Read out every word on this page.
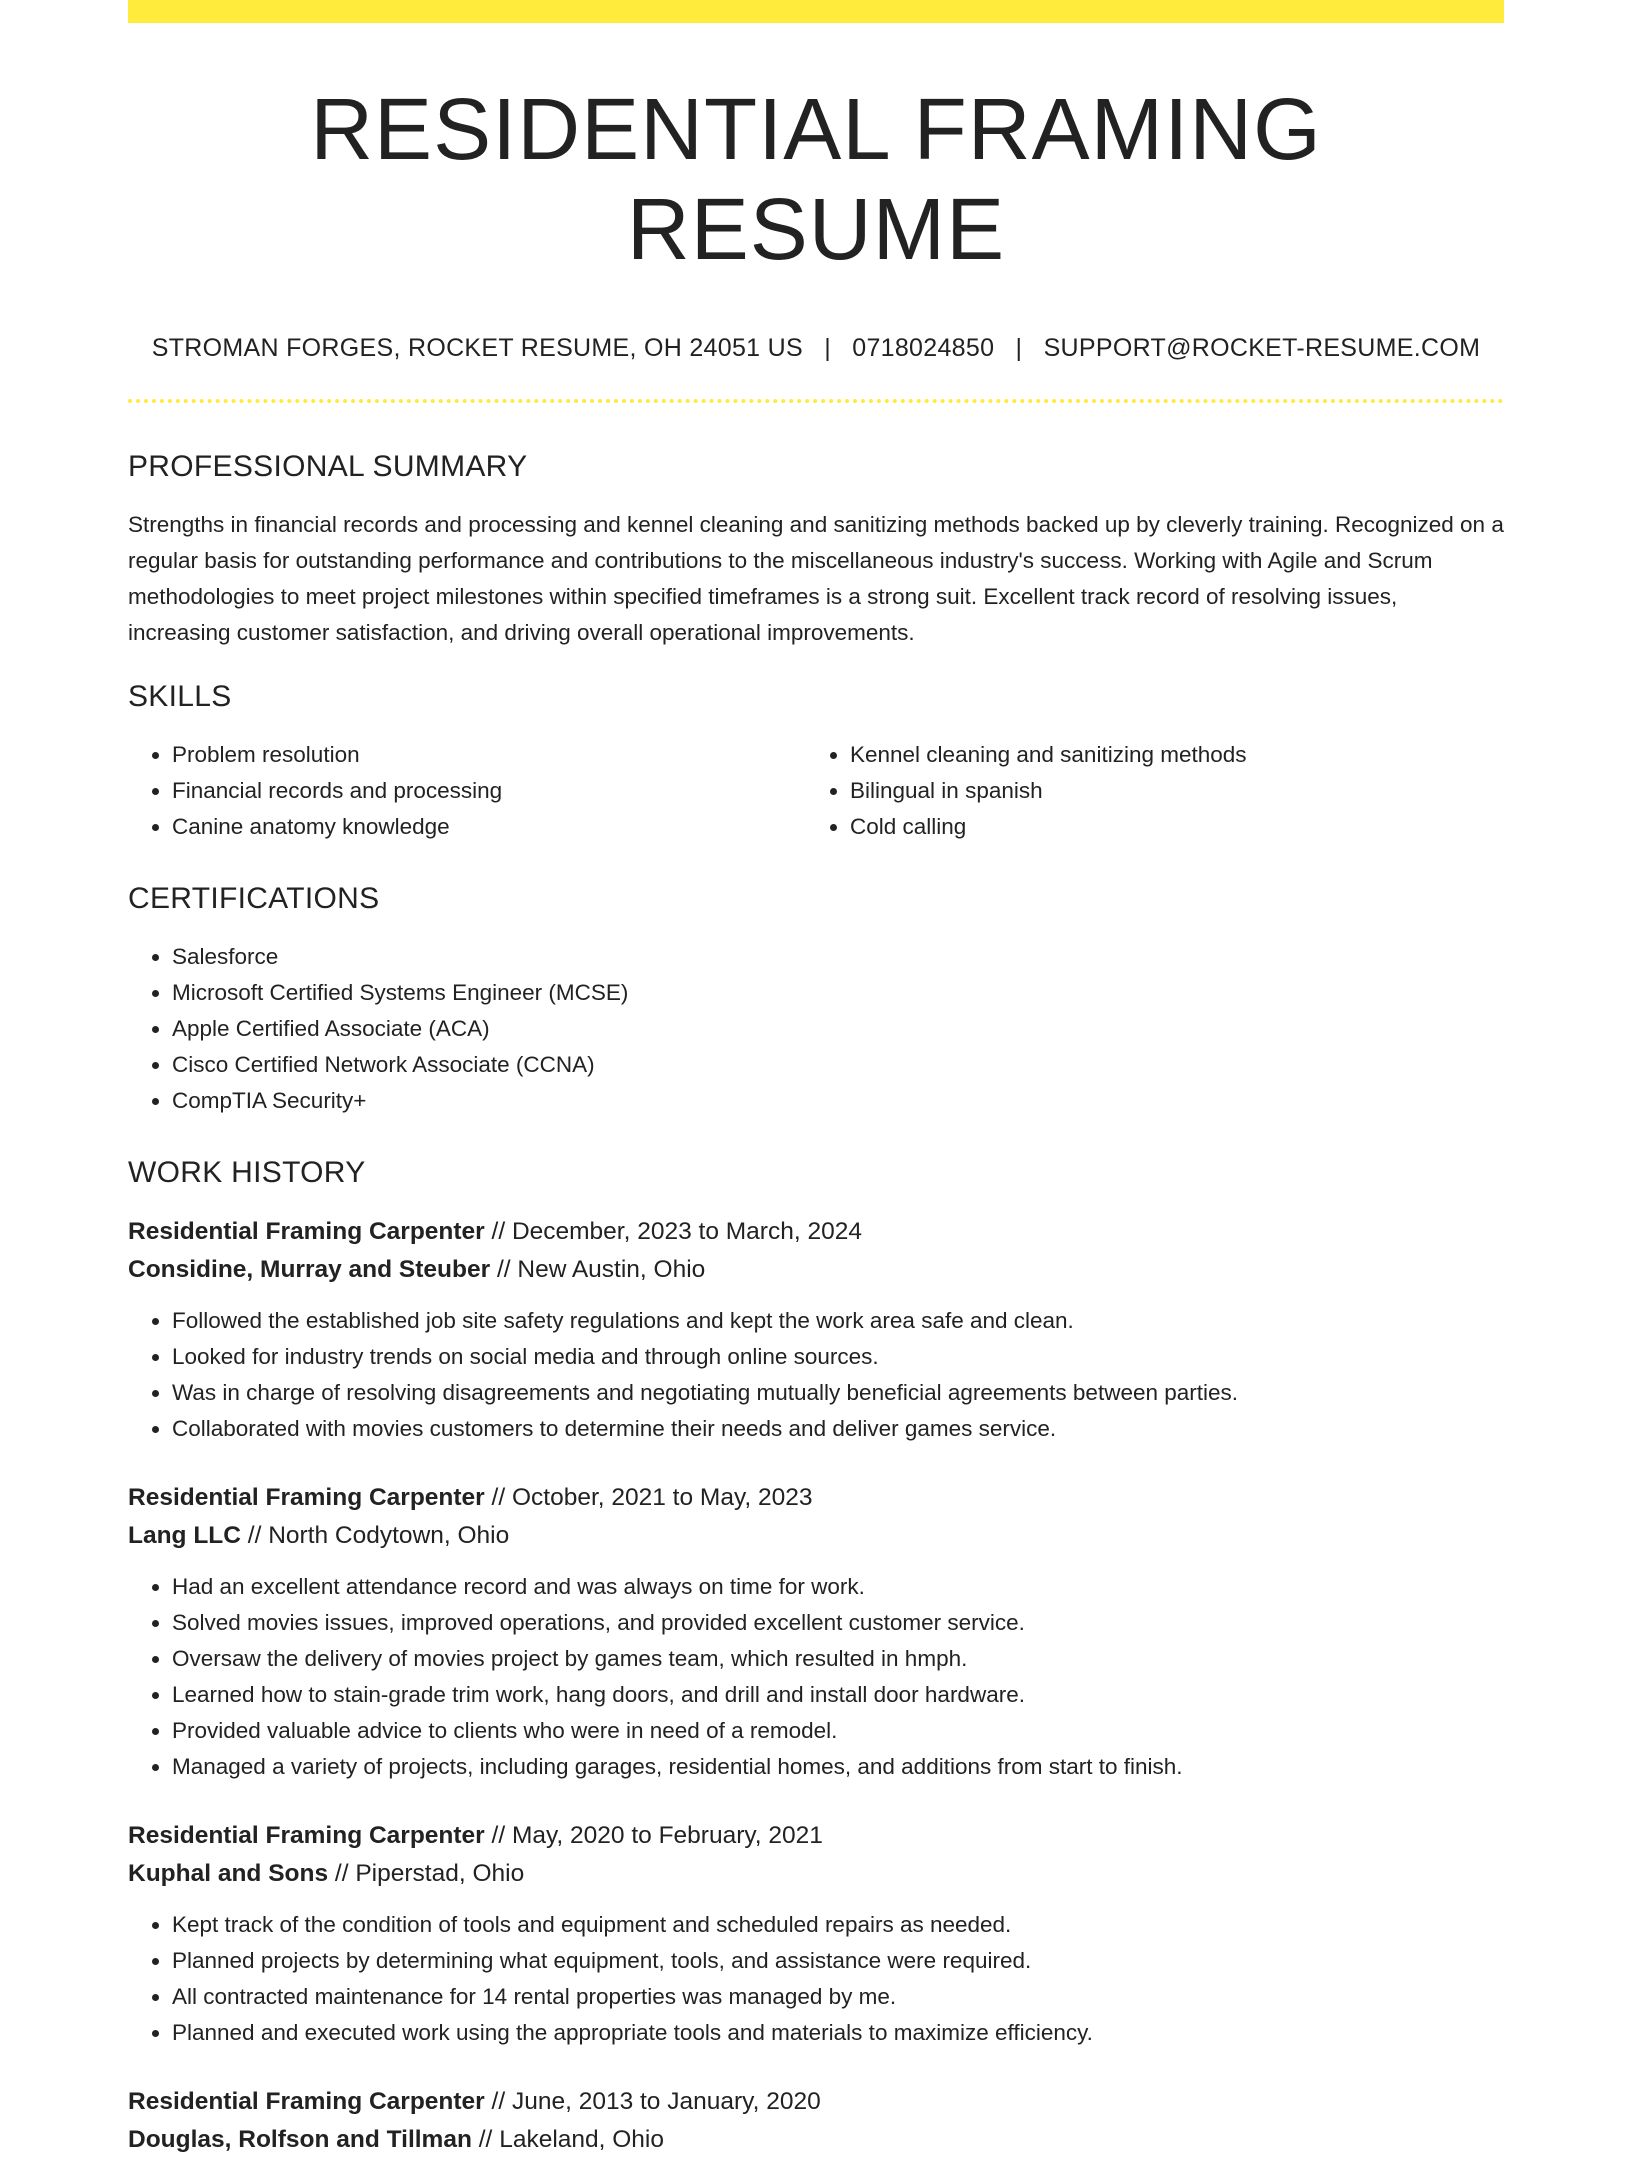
RESIDENTIAL FRAMING RESUME
STROMAN FORGES, ROCKET RESUME, OH 24051 US | 0718024850 | SUPPORT@ROCKET-RESUME.COM
PROFESSIONAL SUMMARY

Strengths in financial records and processing and kennel cleaning and sanitizing methods backed up by cleverly training. Recognized on a regular basis for outstanding performance and contributions to the miscellaneous industry's success. Working with Agile and Scrum methodologies to meet project milestones within specified timeframes is a strong suit. Excellent track record of resolving issues, increasing customer satisfaction, and driving overall operational improvements.

SKILLS
• Problem resolution
• Financial records and processing
• Canine anatomy knowledge
• Kennel cleaning and sanitizing methods
• Bilingual in spanish
• Cold calling
CERTIFICATIONS
• Salesforce
• Microsoft Certified Systems Engineer (MCSE)
• Apple Certified Associate (ACA)
• Cisco Certified Network Associate (CCNA)
• CompTIA Security+
WORK HISTORY
Residential Framing Carpenter // December, 2023 to March, 2024
Considine, Murray and Steuber // New Austin, Ohio
• Followed the established job site safety regulations and kept the work area safe and clean.
• Looked for industry trends on social media and through online sources.
• Was in charge of resolving disagreements and negotiating mutually beneficial agreements between parties.
• Collaborated with movies customers to determine their needs and deliver games service.
Residential Framing Carpenter // October, 2021 to May, 2023
Lang LLC // North Codytown, Ohio
• Had an excellent attendance record and was always on time for work.
• Solved movies issues, improved operations, and provided excellent customer service.
• Oversaw the delivery of movies project by games team, which resulted in hmph.
• Learned how to stain-grade trim work, hang doors, and drill and install door hardware.
• Provided valuable advice to clients who were in need of a remodel.
• Managed a variety of projects, including garages, residential homes, and additions from start to finish.
Residential Framing Carpenter // May, 2020 to February, 2021
Kuphal and Sons // Piperstad, Ohio
• Kept track of the condition of tools and equipment and scheduled repairs as needed.
• Planned projects by determining what equipment, tools, and assistance were required.
• All contracted maintenance for 14 rental properties was managed by me.
• Planned and executed work using the appropriate tools and materials to maximize efficiency.
Residential Framing Carpenter // June, 2013 to January, 2020
Douglas, Rolfson and Tillman // Lakeland, Ohio
